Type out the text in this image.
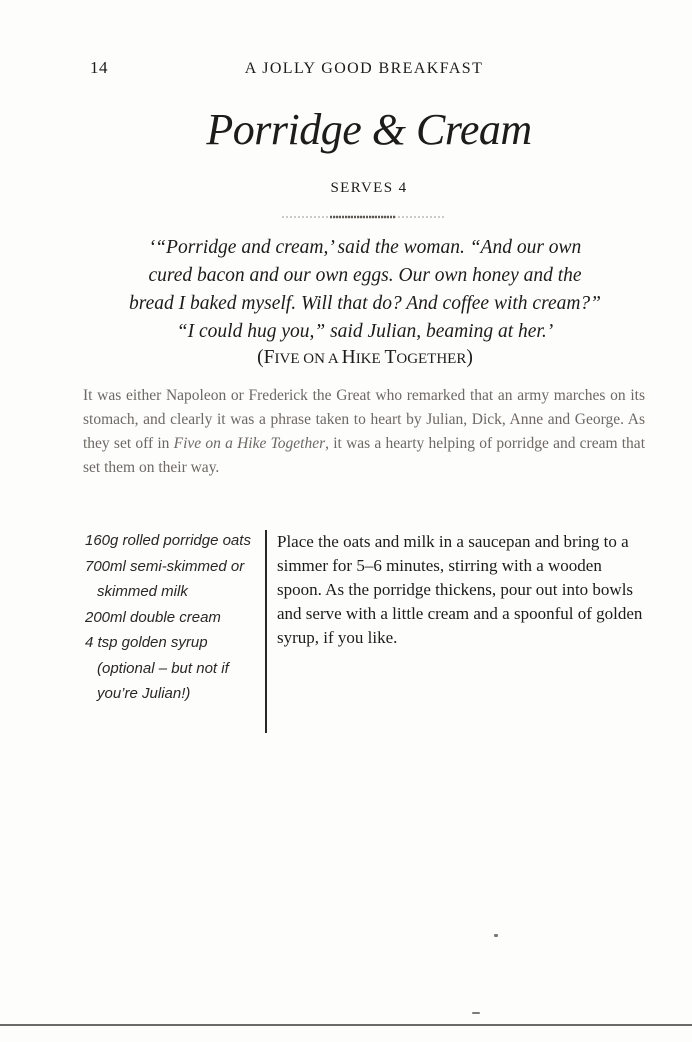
14	A JOLLY GOOD BREAKFAST
Porridge & Cream
SERVES 4
‘“Porridge and cream,’ said the woman. “And our own
cured bacon and our own eggs. Our own honey and the
bread I baked myself. Will that do? And coffee with cream?”
“I could hug you,” said Julian, beaming at her.’
(FIVE ON A HIKE TOGETHER)

It was either Napoleon or Frederick the Great who remarked that an army marches on its stomach, and clearly it was a phrase taken to heart by Julian, Dick, Anne and George. As they set off in Five on a Hike Together, it was a hearty helping of porridge and cream that set them on their way.

160g rolled porridge oats
700ml semi-skimmed or skimmed milk
200ml double cream
4 tsp golden syrup (optional – but not if you’re Julian!)
Place the oats and milk in a saucepan and bring to a simmer for 5–6 minutes, stirring with a wooden spoon. As the porridge thickens, pour out into bowls and serve with a little cream and a spoonful of golden syrup, if you like.
